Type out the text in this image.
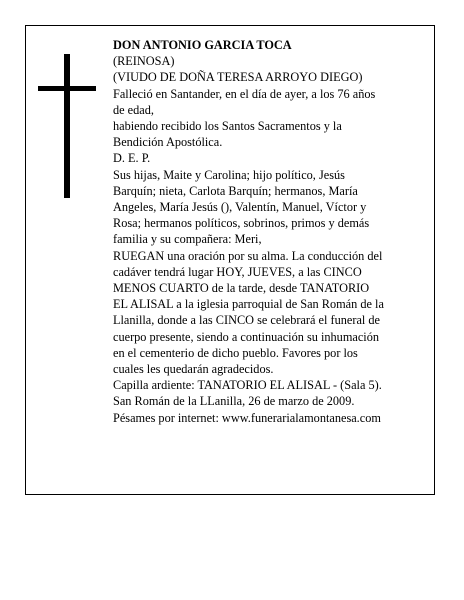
DON ANTONIO GARCIA TOCA
(REINOSA)
(VIUDO DE DOÑA TERESA ARROYO DIEGO)
Falleció en Santander, en el día de ayer, a los 76 años
de edad,
habiendo recibido los Santos Sacramentos y la
Bendición Apostólica.
D. E. P.
Sus hijas, Maite y Carolina; hijo político, Jesús
Barquín; nieta, Carlota Barquín; hermanos, María
Angeles, María Jesús (), Valentín, Manuel, Víctor y
Rosa; hermanos políticos, sobrinos, primos y demás
familia y su compañera: Meri,
RUEGAN una oración por su alma. La conducción del
cadáver tendrá lugar HOY, JUEVES, a las CINCO
MENOS CUARTO de la tarde, desde TANATORIO
EL ALISAL a la iglesia parroquial de San Román de la
Llanilla, donde a las CINCO se celebrará el funeral de
cuerpo presente, siendo a continuación su inhumación
en el cementerio de dicho pueblo. Favores por los
cuales les quedarán agradecidos.
Capilla ardiente: TANATORIO EL ALISAL - (Sala 5).
San Román de la LLanilla, 26 de marzo de 2009.
Pésames por internet: www.funerarialamontanesa.com
